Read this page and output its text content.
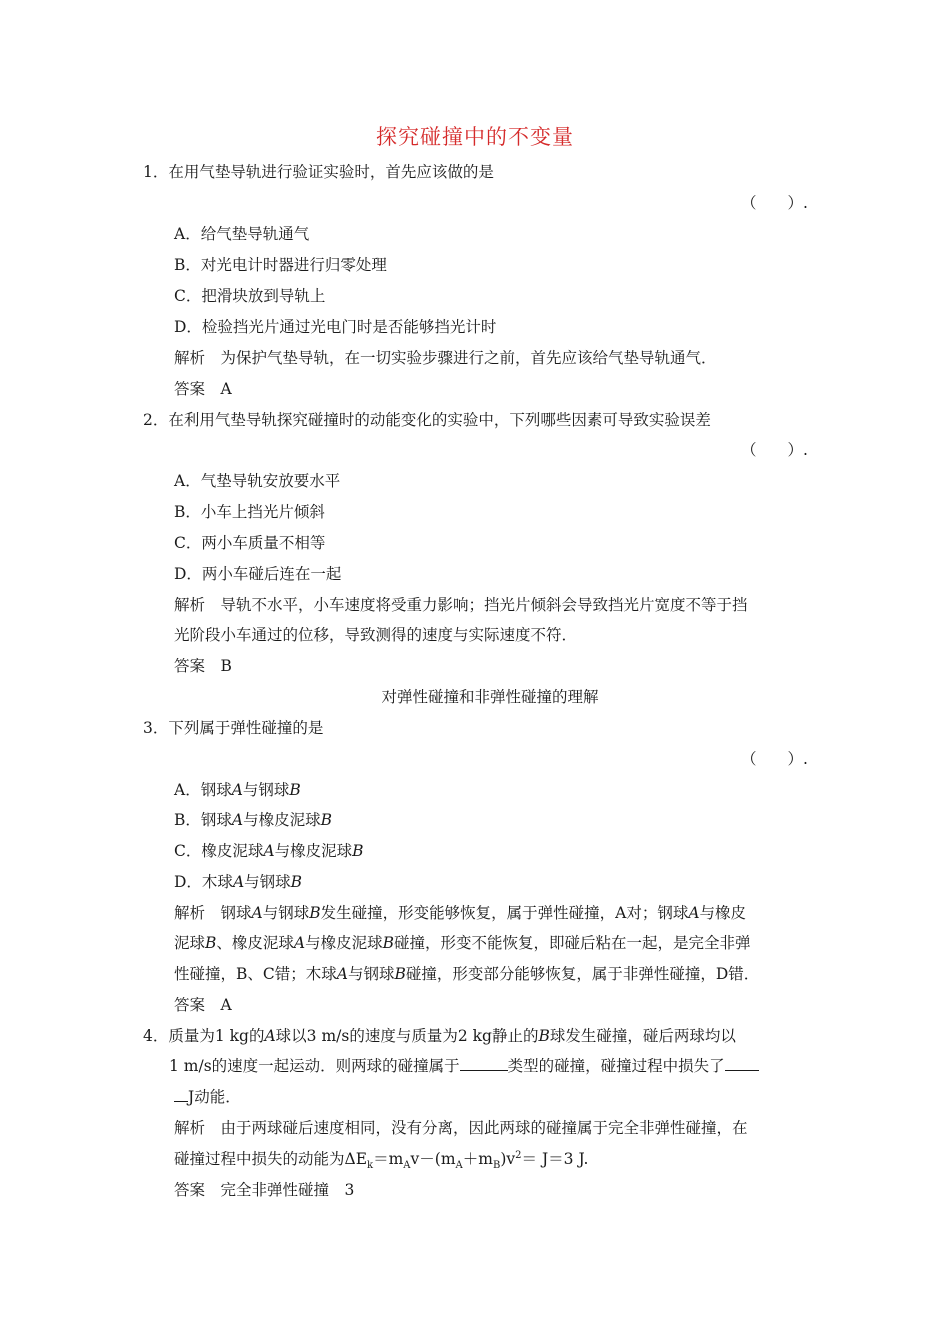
探究碰撞中的不变量
1．在用气垫导轨进行验证实验时，首先应该做的是
（　　）.
A．给气垫导轨通气
B．对光电计时器进行归零处理
C．把滑块放到导轨上
D．检验挡光片通过光电门时是否能够挡光计时
解析　为保护气垫导轨，在一切实验步骤进行之前，首先应该给气垫导轨通气．
答案　A
2．在利用气垫导轨探究碰撞时的动能变化的实验中，下列哪些因素可导致实验误差
（　　）.
A．气垫导轨安放要水平
B．小车上挡光片倾斜
C．两小车质量不相等
D．两小车碰后连在一起
解析　导轨不水平，小车速度将受重力影响；挡光片倾斜会导致挡光片宽度不等于挡
光阶段小车通过的位移，导致测得的速度与实际速度不符．
答案　B
对弹性碰撞和非弹性碰撞的理解
3．下列属于弹性碰撞的是
（　　）.
A．钢球A与钢球B
B．钢球A与橡皮泥球B
C．橡皮泥球A与橡皮泥球B
D．木球A与钢球B
解析　钢球A与钢球B发生碰撞，形变能够恢复，属于弹性碰撞，A对；钢球A与橡皮
泥球B、橡皮泥球A与橡皮泥球B碰撞，形变不能恢复，即碰后粘在一起，是完全非弹
性碰撞，B、C错；木球A与钢球B碰撞，形变部分能够恢复，属于非弹性碰撞，D错．
答案　A
4．质量为1 kg的A球以3 m/s的速度与质量为2 kg静止的B球发生碰撞，碰后两球均以
1 m/s的速度一起运动．则两球的碰撞属于	类型的碰撞，碰撞过程中损失了
J动能．
解析　由于两球碰后速度相同，没有分离，因此两球的碰撞属于完全非弹性碰撞，在
碰撞过程中损失的动能为$\Delta E_k=m_Av-(m_A+m_B)v^2= J=3$ J.
答案　完全非弹性碰撞　3
